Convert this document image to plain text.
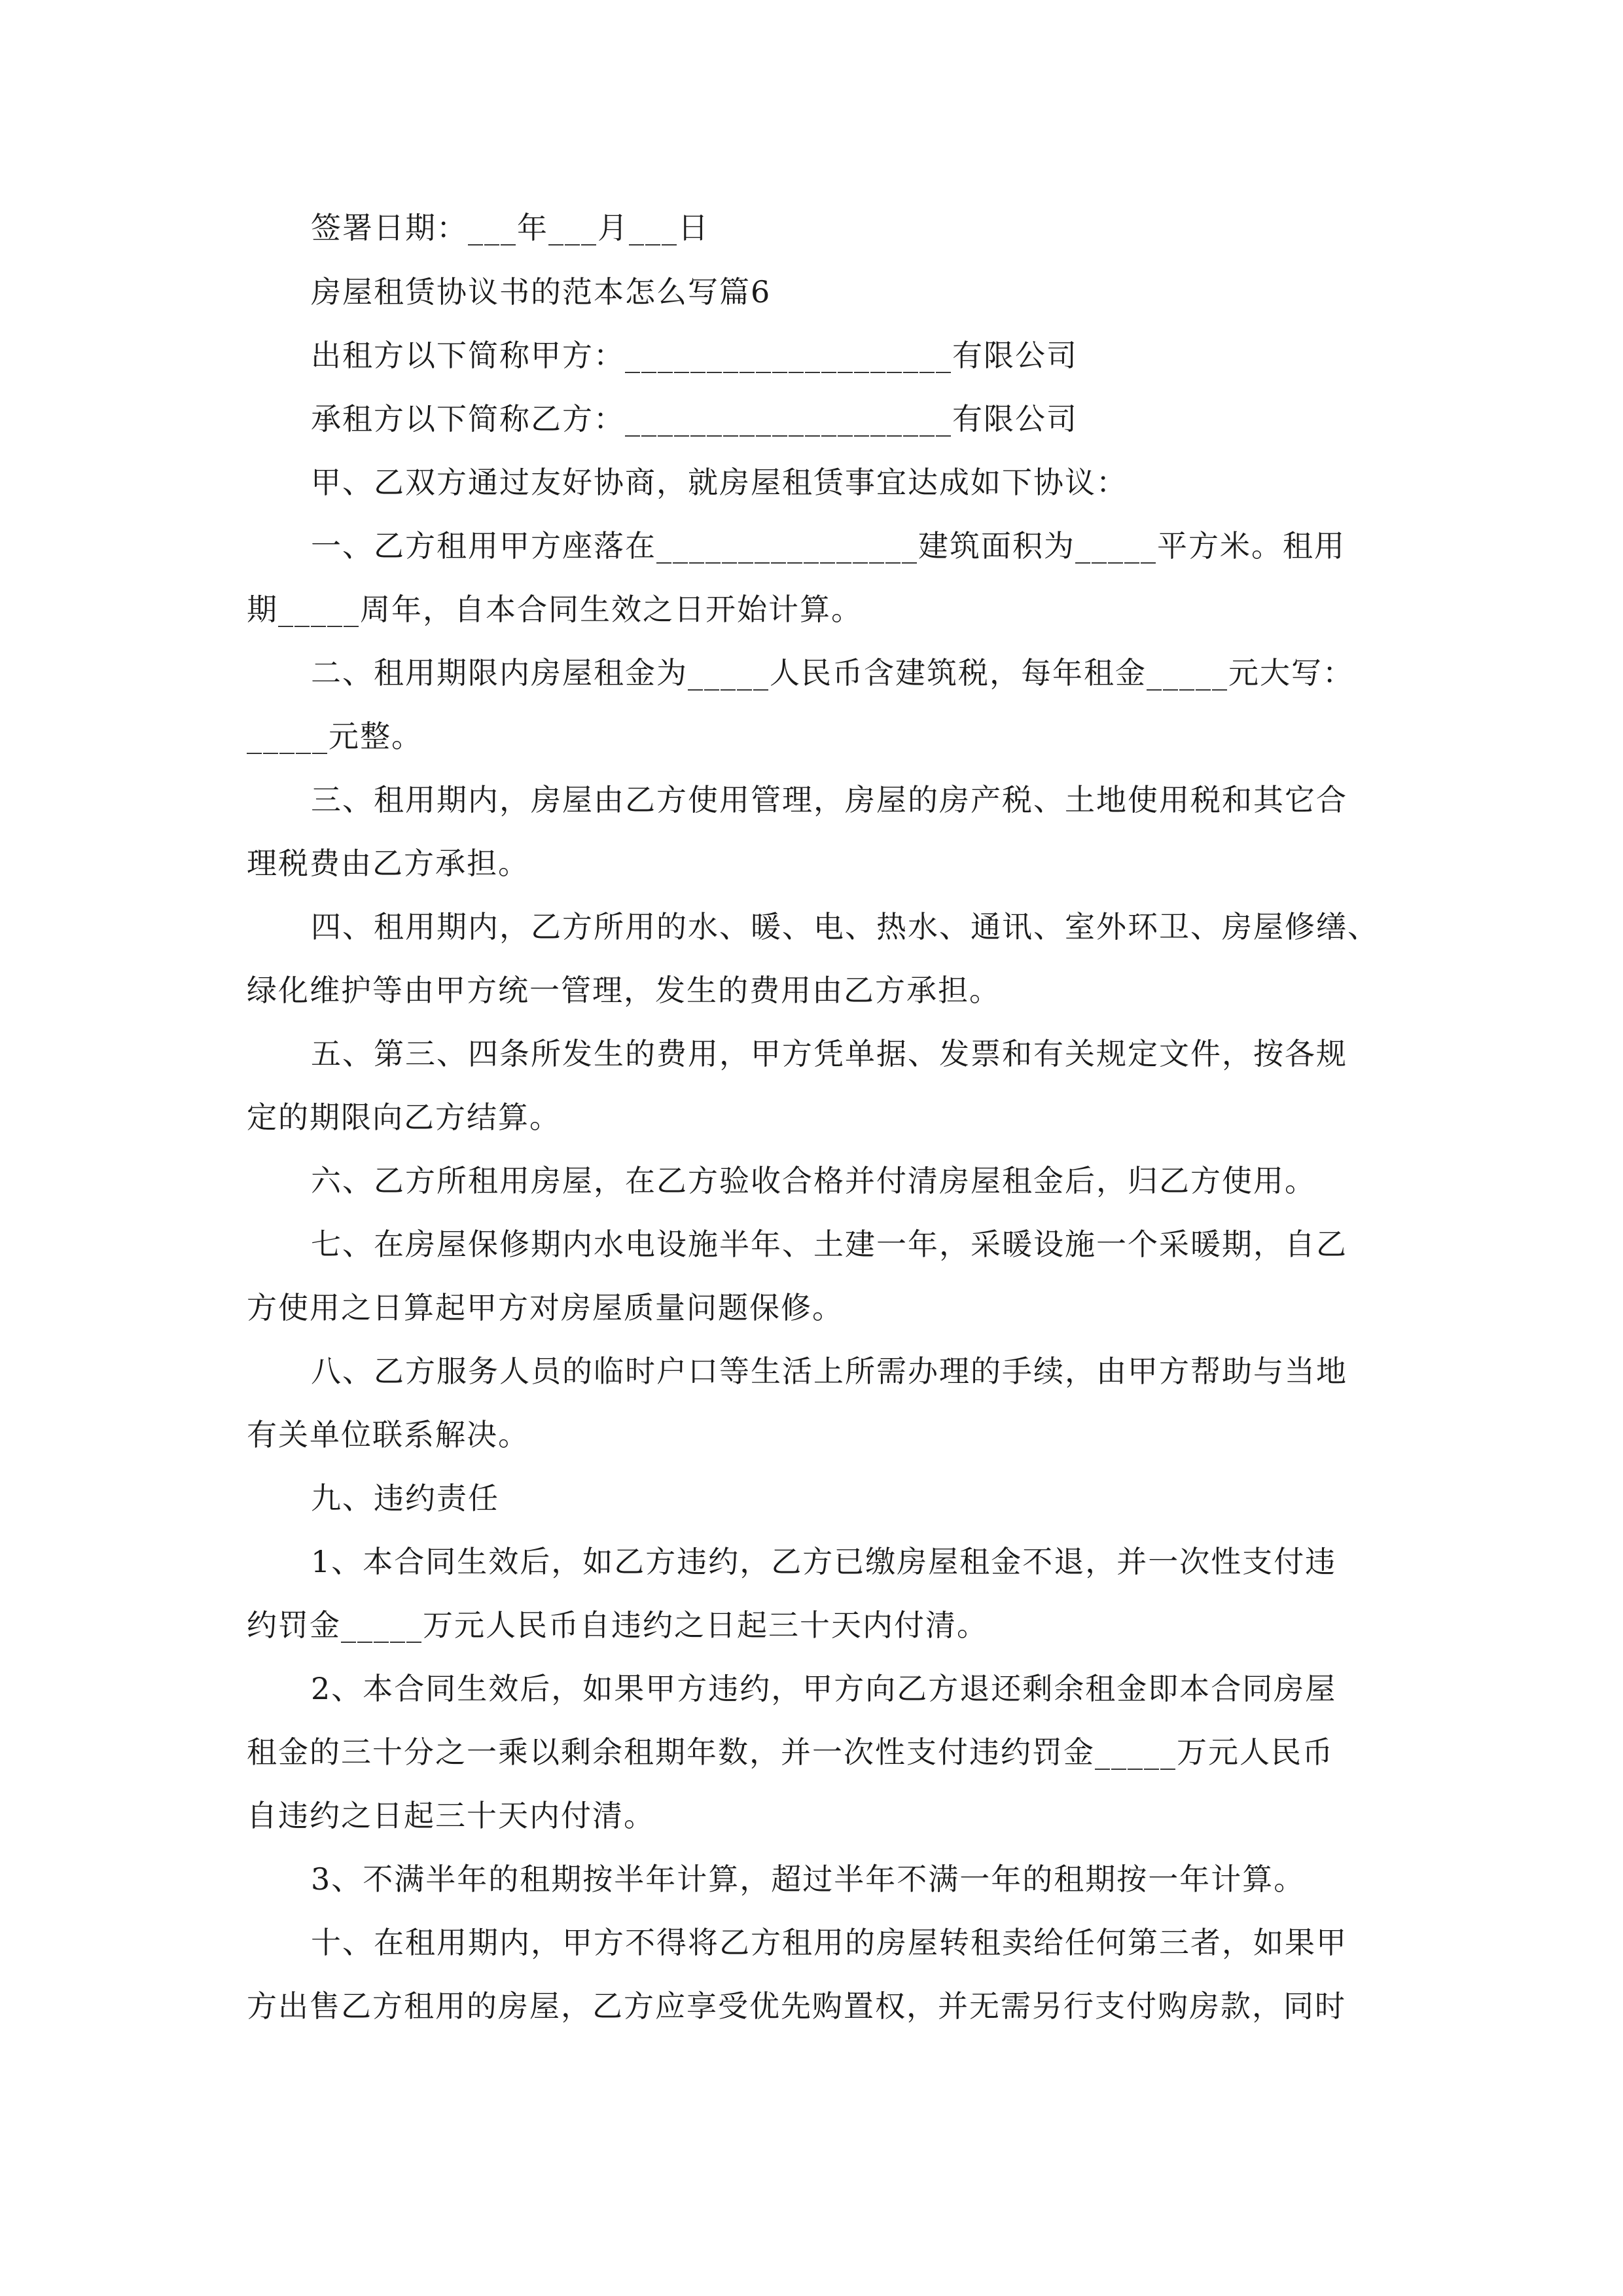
签署日期：___年___月___日
房屋租赁协议书的范本怎么写篇6
出租方以下简称甲方：____________________有限公司
承租方以下简称乙方：____________________有限公司
甲、乙双方通过友好协商，就房屋租赁事宜达成如下协议：
一、乙方租用甲方座落在________________建筑面积为_____平方米。租用
期_____周年，自本合同生效之日开始计算。
二、租用期限内房屋租金为_____人民币含建筑税，每年租金_____元大写：
_____元整。
三、租用期内，房屋由乙方使用管理，房屋的房产税、土地使用税和其它合
理税费由乙方承担。
四、租用期内，乙方所用的水、暖、电、热水、通讯、室外环卫、房屋修缮、
绿化维护等由甲方统一管理，发生的费用由乙方承担。
五、第三、四条所发生的费用，甲方凭单据、发票和有关规定文件，按各规
定的期限向乙方结算。
六、乙方所租用房屋，在乙方验收合格并付清房屋租金后，归乙方使用。
七、在房屋保修期内水电设施半年、土建一年，采暖设施一个采暖期，自乙
方使用之日算起甲方对房屋质量问题保修。
八、乙方服务人员的临时户口等生活上所需办理的手续，由甲方帮助与当地
有关单位联系解决。
九、违约责任
1、本合同生效后，如乙方违约，乙方已缴房屋租金不退，并一次性支付违
约罚金_____万元人民币自违约之日起三十天内付清。
2、本合同生效后，如果甲方违约，甲方向乙方退还剩余租金即本合同房屋
租金的三十分之一乘以剩余租期年数，并一次性支付违约罚金_____万元人民币
自违约之日起三十天内付清。
3、不满半年的租期按半年计算，超过半年不满一年的租期按一年计算。
十、在租用期内，甲方不得将乙方租用的房屋转租卖给任何第三者，如果甲
方出售乙方租用的房屋，乙方应享受优先购置权，并无需另行支付购房款，同时
